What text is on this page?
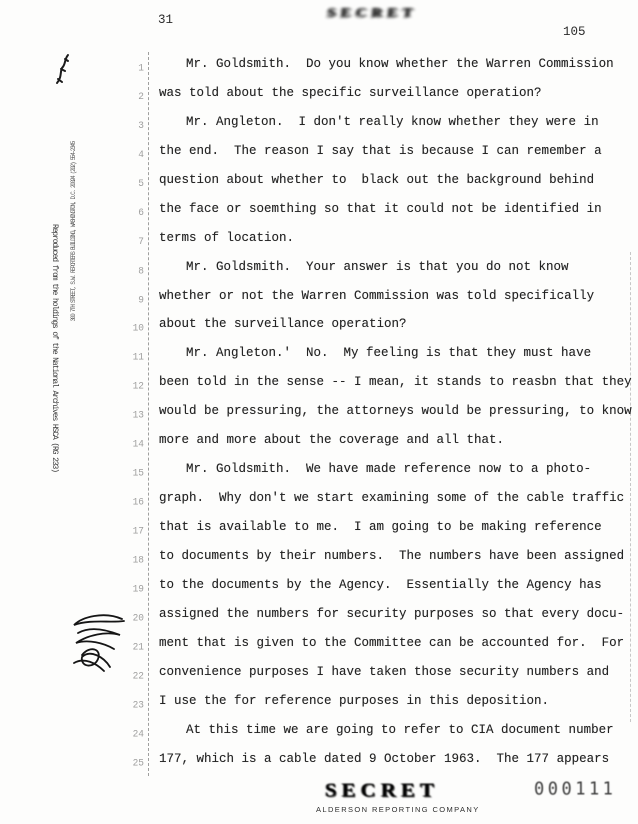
31	SECRET
105
Reproduced from the holdings of the National Archives HSCA (RG 233) 300 7TH STREET, S.W. REPORTERS BUILDING, WASHINGTON, D.C. 20024 (202) 554-2345
1	Mr. Goldsmith.  Do you know whether the Warren Commission
2 was told about the specific surveillance operation?
3	Mr. Angleton.  I don't really know whether they were in
4 the end.  The reason I say that is because I can remember a
5 question about whether to  black out the background behind
6 the face or soemthing so that it could not be identified in
7 terms of location.
8	Mr. Goldsmith.  Your answer is that you do not know
9 whether or not the Warren Commission was told specifically
10 about the surveillance operation?
11	Mr. Angleton.'  No.  My feeling is that they must have
12 been told in the sense -- I mean, it stands to reasbn that they
13 would be pressuring, the attorneys would be pressuring, to know
14 more and more about the coverage and all that.
15	Mr. Goldsmith.  We have made reference now to a photo-
16 graph.  Why don't we start examining some of the cable traffic
17 that is available to me.  I am going to be making reference
18 to documents by their numbers.  The numbers have been assigned
19 to the documents by the Agency.  Essentially the Agency has
20 assigned the numbers for security purposes so that every docu-
21 ment that is given to the Committee can be accounted for.  For
22 convenience purposes I have taken those security numbers and
23 I use the for reference purposes in this deposition.
24	At this time we are going to refer to CIA document number
25 177, which is a cable dated 9 October 1963.  The 177 appears
SECRET
ALDERSON REPORTING COMPANY
000111
